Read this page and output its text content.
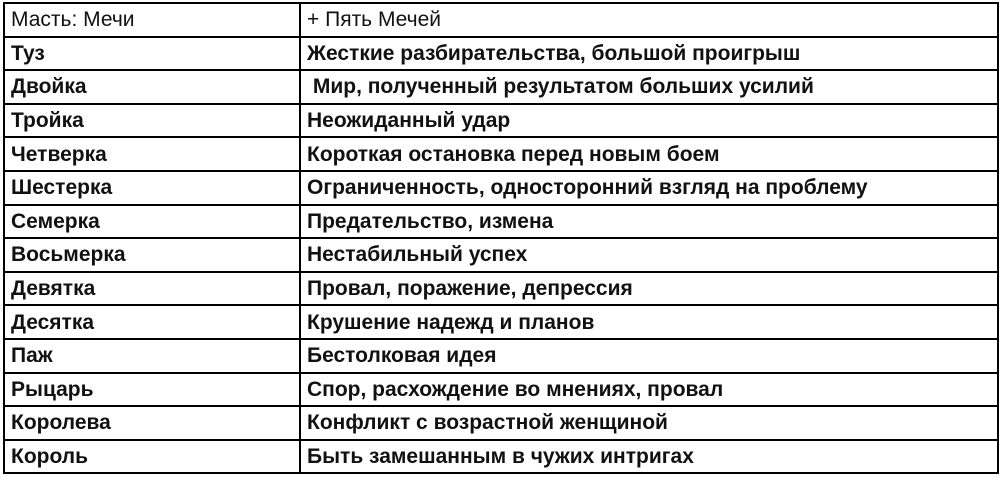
Масть: Мечи	+ Пять Мечей
Туз	Жесткие разбирательства, большой проигрыш
Двойка	Мир, полученный результатом больших усилий
Тройка	Неожиданный удар
Четверка	Короткая остановка перед новым боем
Шестерка	Ограниченность, односторонний взгляд на проблему
Семерка	Предательство, измена
Восьмерка	Нестабильный успех
Девятка	Провал, поражение, депрессия
Десятка	Крушение надежд и планов
Паж	Бестолковая идея
Рыцарь	Спор, расхождение во мнениях, провал
Королева	Конфликт с возрастной женщиной
Король	Быть замешанным в чужих интригах
